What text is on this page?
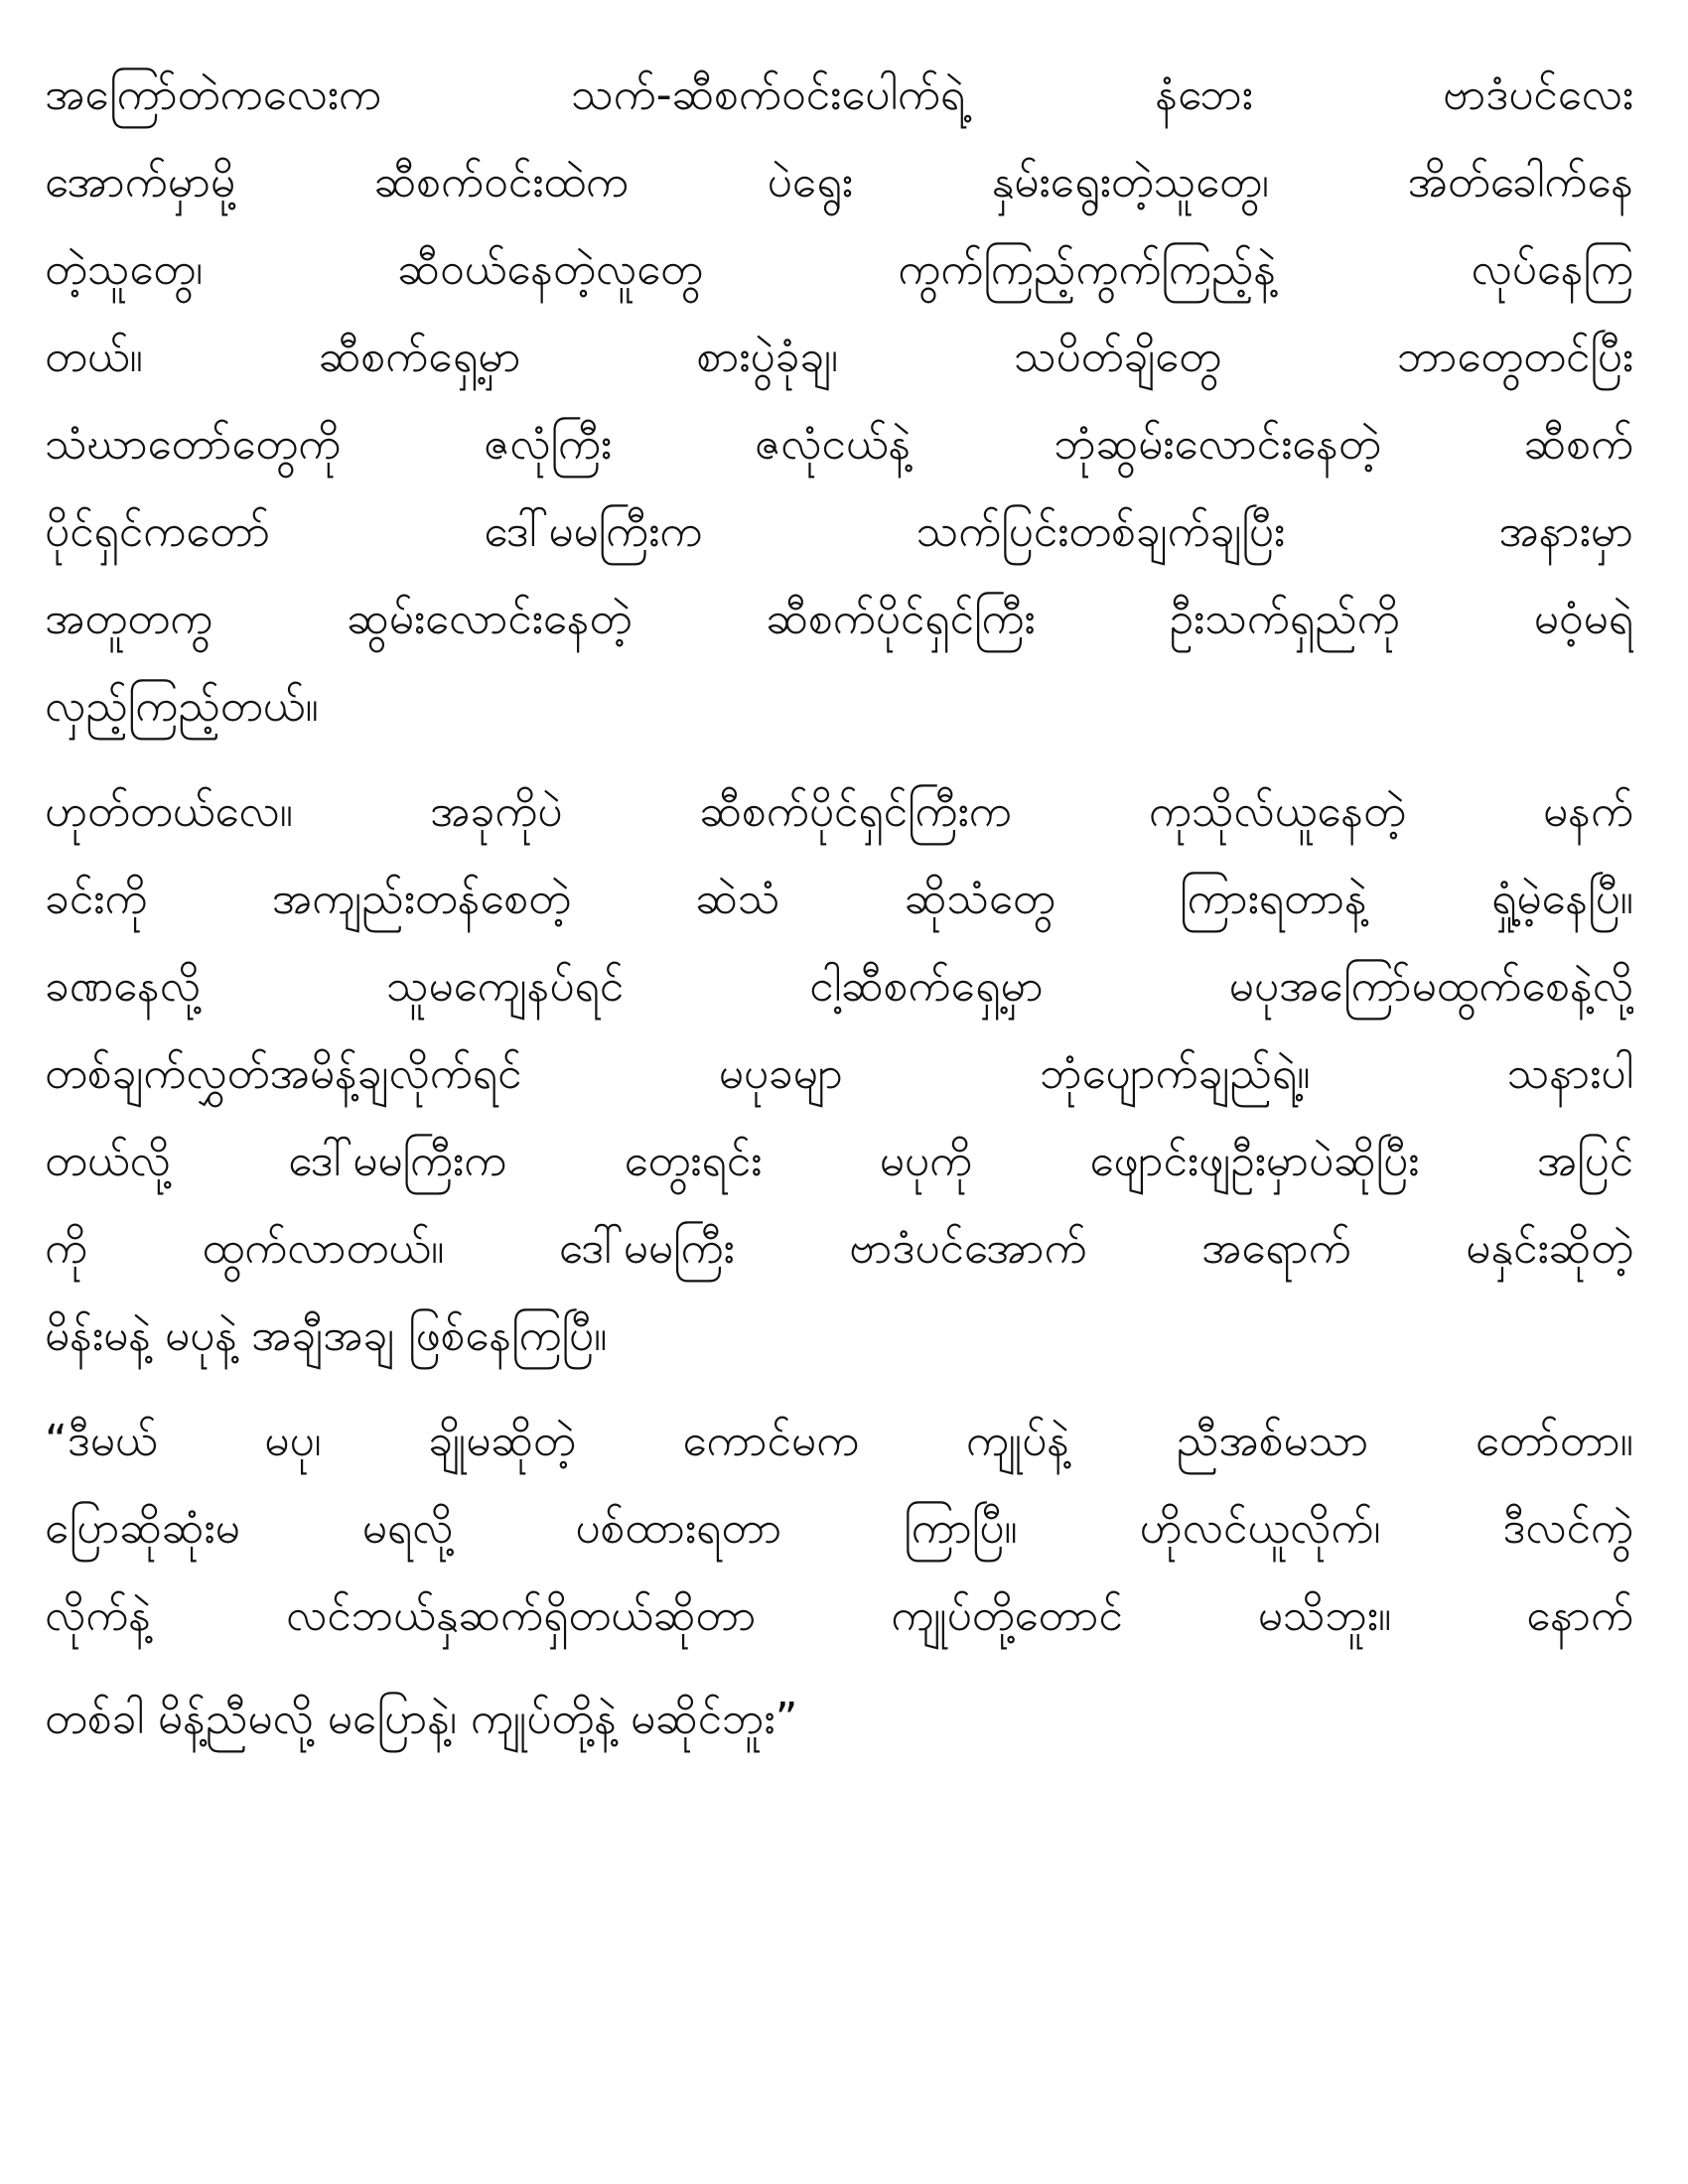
အကြော်တဲကလေးက သက်-ဆီစက်ဝင်းပေါက်ရဲ့ နံဘေး ဗာဒံပင်လေး
အောက်မှာမို့ ဆီစက်ဝင်းထဲက ပဲရွေး နှမ်းရွေးတဲ့သူတွေ၊ အိတ်ခေါက်နေ
တဲ့သူတွေ၊ ဆီဝယ်နေတဲ့လူတွေ ကွက်ကြည့်ကွက်ကြည့်နဲ့ လုပ်နေကြ
တယ်။ ဆီစက်ရှေ့မှာ စားပွဲခုံချ၊ သပိတ်ချိတွေ ဘာတွေတင်ပြီး
သံဃာတော်တွေကို ဇလုံကြီး ဇလုံငယ်နဲ့ ဘုံဆွမ်းလောင်းနေတဲ့ ဆီစက်
ပိုင်ရှင်ကတော် ဒေါ်မမကြီးက သက်ပြင်းတစ်ချက်ချပြီး အနားမှာ
အတူတကွ ဆွမ်းလောင်းနေတဲ့ ဆီစက်ပိုင်ရှင်ကြီး ဦးသက်ရှည်ကို မဝံ့မရဲ
လှည့်ကြည့်တယ်။
ဟုတ်တယ်လေ။ အခုကိုပဲ ဆီစက်ပိုင်ရှင်ကြီးက ကုသိုလ်ယူနေတဲ့ မနက်
ခင်းကို အကျည်းတန်စေတဲ့ ဆဲသံ ဆိုသံတွေ ကြားရတာနဲ့ ရှုံ့မဲ့နေပြီ။
ခဏနေလို့ သူမကျေနပ်ရင် ငါ့ဆီစက်ရှေ့မှာ မပုအကြော်မထွက်စေနဲ့လို့
တစ်ချက်လွှတ်အမိန့်ချလိုက်ရင် မပုခမျာ ဘုံပျောက်ချည်ရဲ့။ သနားပါ
တယ်လို့ ဒေါ်မမကြီးက တွေးရင်း မပုကို ဖျောင်းဖျဦးမှာပဲဆိုပြီး အပြင်
ကို ထွက်လာတယ်။ ဒေါ်မမကြီး ဗာဒံပင်အောက် အရောက် မနှင်းဆိုတဲ့
မိန်းမနဲ့ မပုနဲ့ အချီအချ ဖြစ်နေကြပြီ။
“ဒီမယ် မပု၊ ချိုမဆိုတဲ့ ကောင်မက ကျုပ်နဲ့ ညီအစ်မသာ တော်တာ။
ပြောဆိုဆုံးမ မရလို့ ပစ်ထားရတာ ကြာပြီ။ ဟိုလင်ယူလိုက်၊ ဒီလင်ကွဲ
လိုက်နဲ့ လင်ဘယ်နှဆက်ရှိတယ်ဆိုတာ ကျုပ်တို့တောင် မသိဘူး။ နောက်
တစ်ခါ မိန့်ညီမလို့ မပြောနဲ့၊ ကျုပ်တို့နဲ့ မဆိုင်ဘူး”
